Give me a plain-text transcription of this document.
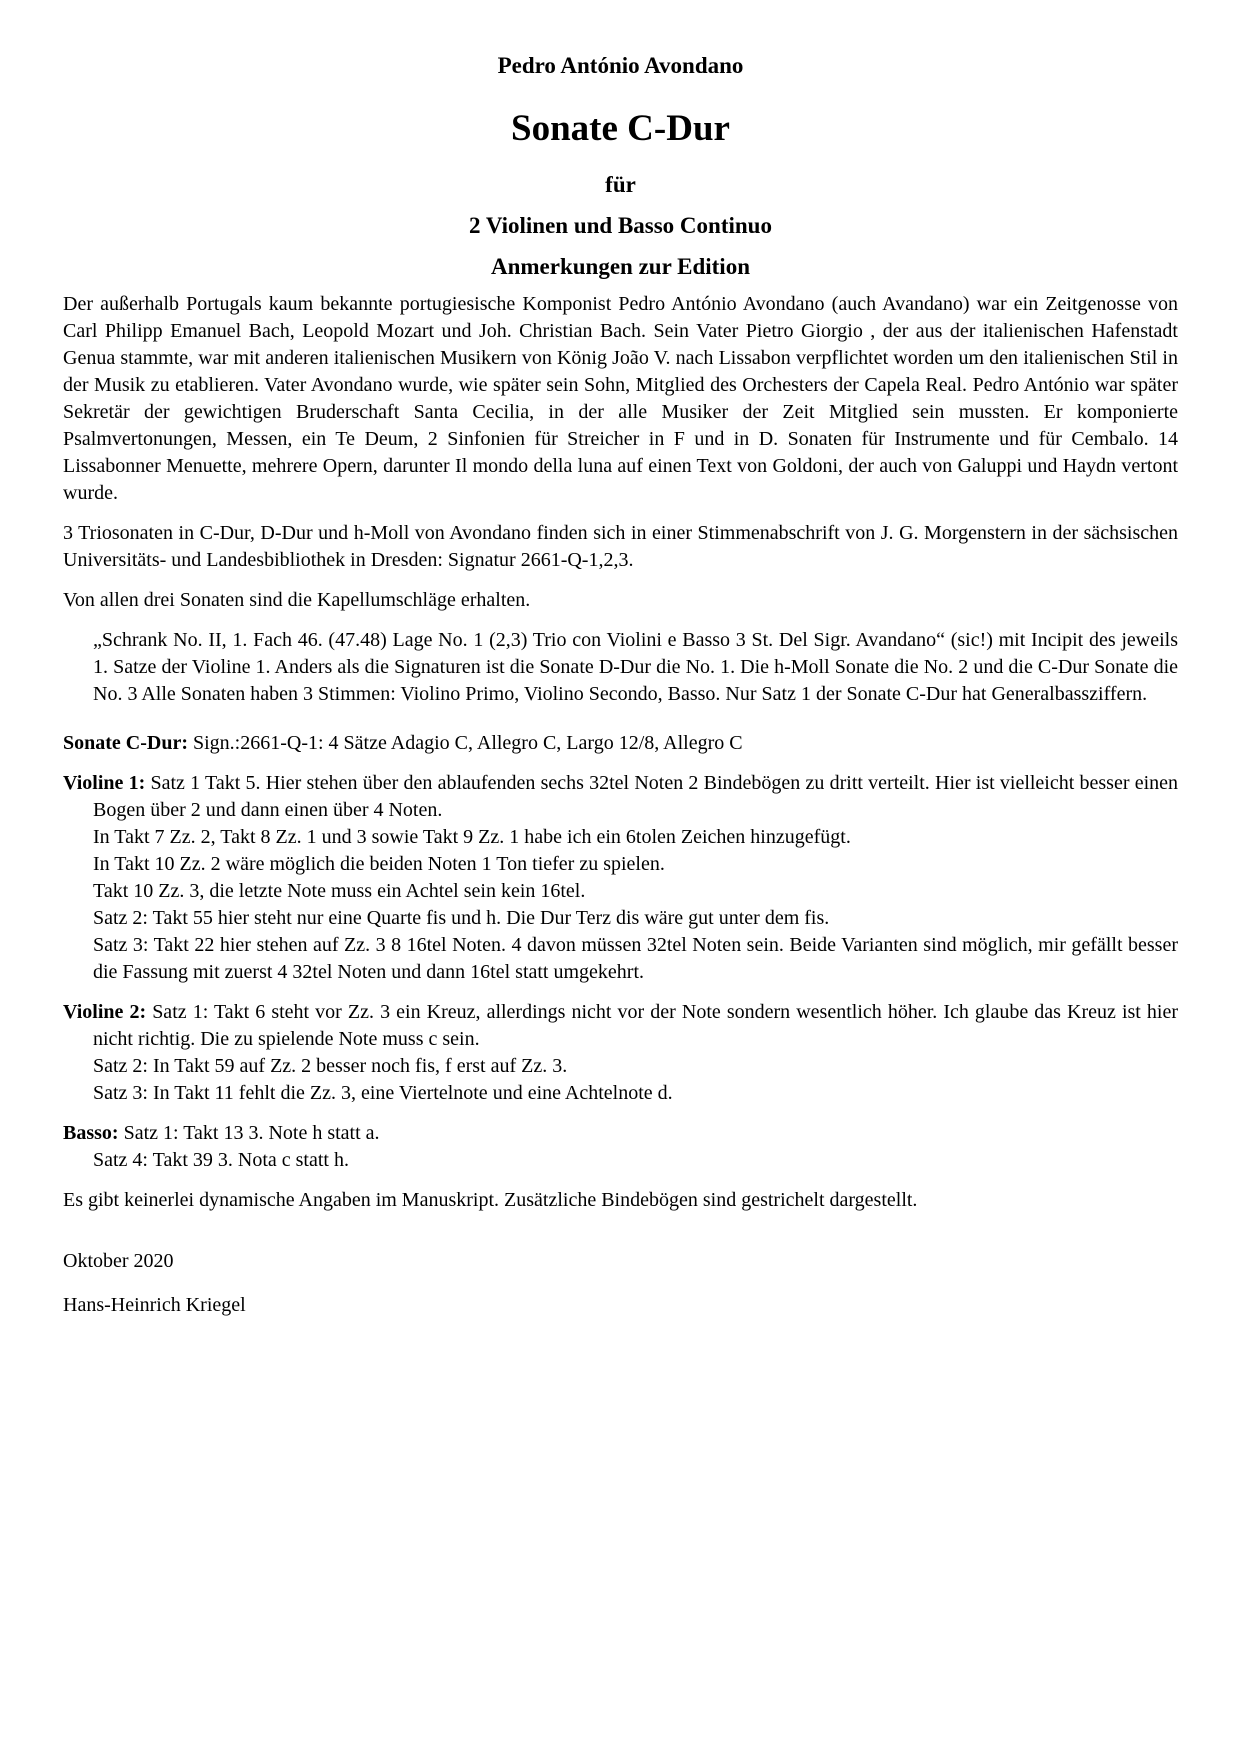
Pedro António Avondano
Sonate C-Dur
für
2 Violinen und Basso Continuo
Anmerkungen zur Edition

Der außerhalb Portugals kaum bekannte portugiesische Komponist Pedro António Avondano (auch Avandano) war ein Zeitgenosse von Carl Philipp Emanuel Bach, Leopold Mozart und Joh. Christian Bach. Sein Vater Pietro Giorgio , der aus der italienischen Hafenstadt Genua stammte, war mit anderen italienischen Musikern von König João V. nach Lissabon verpflichtet worden um den italienischen Stil in der Musik zu etablieren. Vater Avondano wurde, wie später sein Sohn, Mitglied des Orchesters der Capela Real. Pedro António war später Sekretär der gewichtigen Bruderschaft Santa Cecilia, in der alle Musiker der Zeit Mitglied sein mussten. Er komponierte Psalmvertonungen, Messen, ein Te Deum, 2 Sinfonien für Streicher in F und in D. Sonaten für Instrumente und für Cembalo. 14 Lissabonner Menuette, mehrere Opern, darunter Il mondo della luna auf einen Text von Goldoni, der auch von Galuppi und Haydn vertont wurde.

3 Triosonaten in C-Dur, D-Dur und h-Moll von Avondano finden sich in einer Stimmenabschrift von J. G. Morgenstern in der sächsischen Universitäts- und Landesbibliothek in Dresden: Signatur 2661-Q-1,2,3.

Von allen drei Sonaten sind die Kapellumschläge erhalten.

„Schrank No. II, 1. Fach 46. (47.48) Lage No. 1 (2,3) Trio con Violini e Basso 3 St. Del Sigr. Avandano“ (sic!) mit Incipit des jeweils 1. Satze der Violine 1. Anders als die Signaturen ist die Sonate D-Dur die No. 1. Die h-Moll Sonate die No. 2 und die C-Dur Sonate die No. 3 Alle Sonaten haben 3 Stimmen: Violino Primo, Violino Secondo, Basso. Nur Satz 1 der Sonate C-Dur hat Generalbassziffern.

Sonate C-Dur: Sign.:2661-Q-1: 4 Sätze Adagio C, Allegro C, Largo 12/8, Allegro C

Violine 1: Satz 1 Takt 5. Hier stehen über den ablaufenden sechs 32tel Noten 2 Bindebögen zu dritt verteilt. Hier ist vielleicht besser einen Bogen über 2 und dann einen über 4 Noten.
In Takt 7 Zz. 2, Takt 8 Zz. 1 und 3 sowie Takt 9 Zz. 1 habe ich ein 6tolen Zeichen hinzugefügt.
In Takt 10 Zz. 2 wäre möglich die beiden Noten 1 Ton tiefer zu spielen.
Takt 10 Zz. 3, die letzte Note muss ein Achtel sein kein 16tel.
Satz 2: Takt 55 hier steht nur eine Quarte fis und h. Die Dur Terz dis wäre gut unter dem fis.
Satz 3: Takt 22 hier stehen auf Zz. 3 8 16tel Noten. 4 davon müssen 32tel Noten sein. Beide Varianten sind möglich, mir gefällt besser die Fassung mit zuerst 4 32tel Noten und dann 16tel statt umgekehrt.

Violine 2: Satz 1: Takt 6 steht vor Zz. 3 ein Kreuz, allerdings nicht vor der Note sondern wesentlich höher. Ich glaube das Kreuz ist hier nicht richtig. Die zu spielende Note muss c sein.
Satz 2: In Takt 59 auf Zz. 2 besser noch fis, f erst auf Zz. 3.
Satz 3: In Takt 11 fehlt die Zz. 3, eine Viertelnote und eine Achtelnote d.

Basso: Satz 1: Takt 13 3. Note h statt a.
Satz 4: Takt 39 3. Nota c statt h.

Es gibt keinerlei dynamische Angaben im Manuskript. Zusätzliche Bindebögen sind gestrichelt dargestellt.

Oktober 2020

Hans-Heinrich Kriegel
